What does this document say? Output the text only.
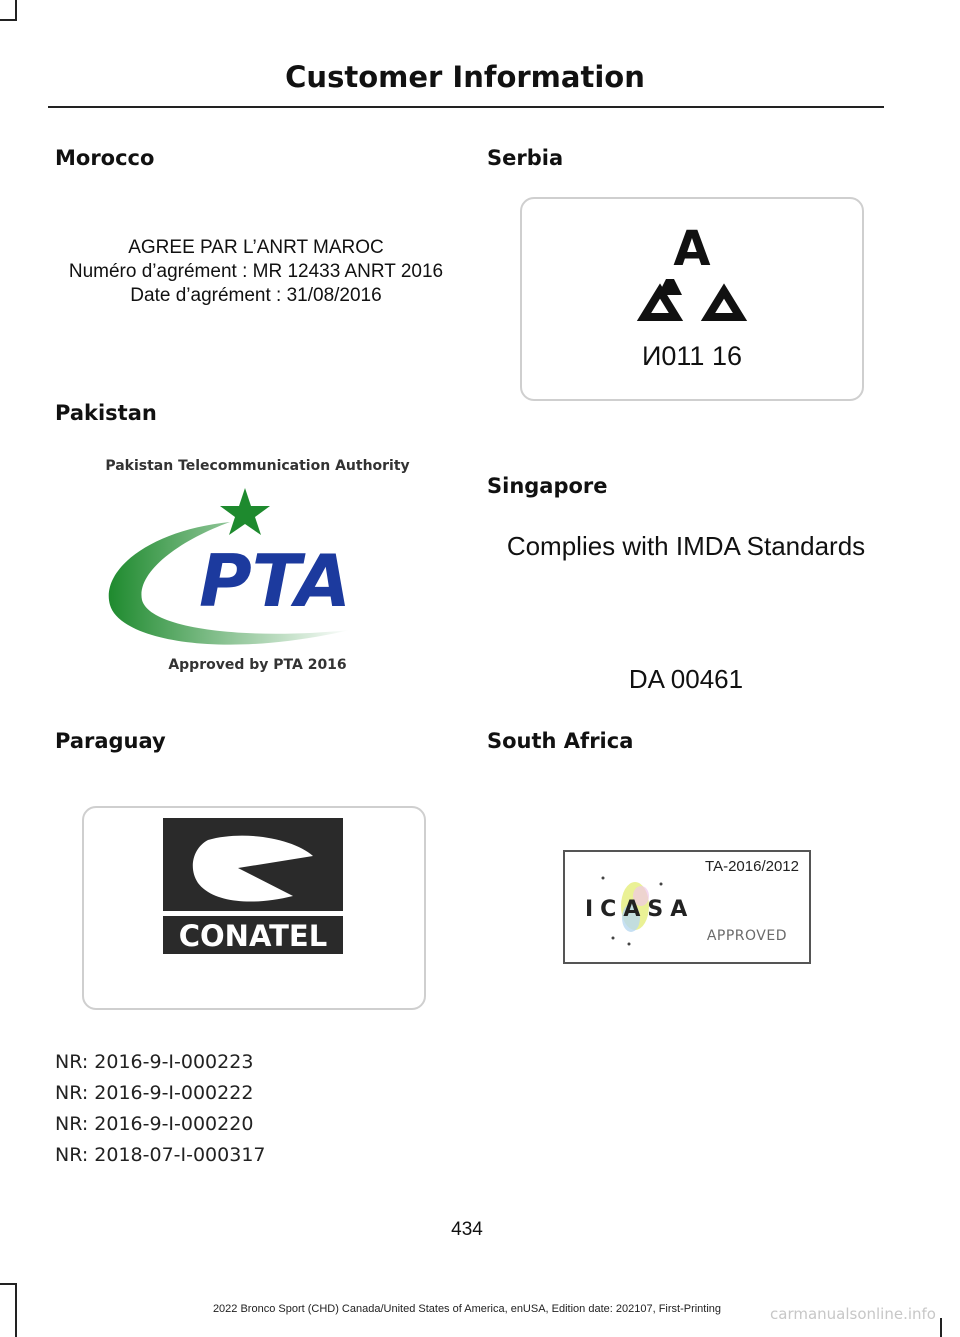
Customer Information
Morocco
AGREE PAR L’ANRT MAROC
Numéro d’agrément : MR 12433 ANRT 2016
Date d’agrément : 31/08/2016
Serbia
A
И011 16
Pakistan
Pakistan Telecommunication Authority
PTA
Approved by PTA 2016
Singapore
Complies with IMDA Standards
DA 00461
Paraguay
CONATEL
NR: 2016-9-I-000223
NR: 2016-9-I-000222
NR: 2016-9-I-000220
NR: 2018-07-I-000317
South Africa
TA-2016/2012
ICASA
APPROVED
434
2022 Bronco Sport (CHD) Canada/United States of America, enUSA, Edition date: 202107, First-Printing	carmanualsonline.info
